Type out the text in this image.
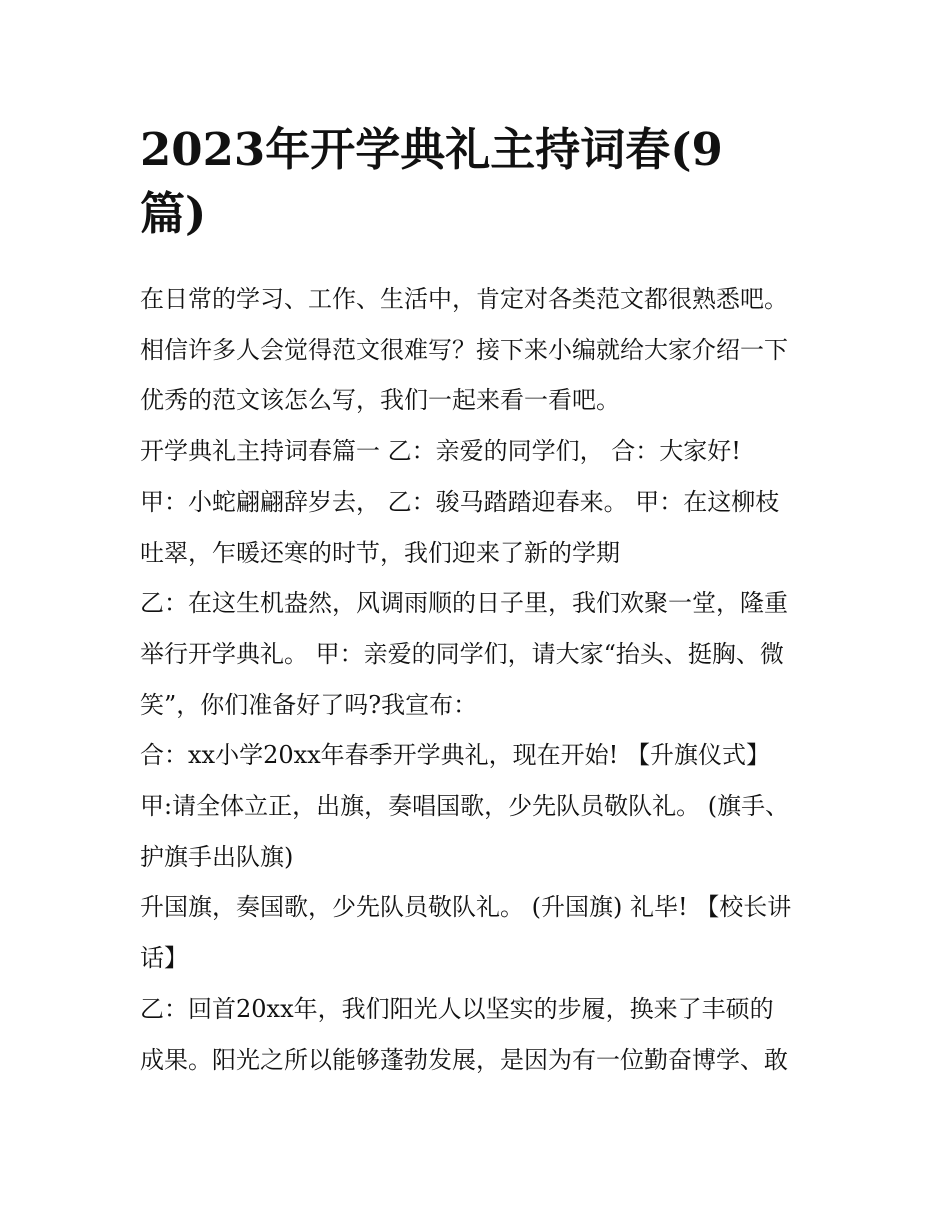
2023年开学典礼主持词春(9
篇)

在日常的学习、工作、生活中，肯定对各类范文都很熟悉吧。

相信许多人会觉得范文很难写？接下来小编就给大家介绍一下

优秀的范文该怎么写，我们一起来看一看吧。

开学典礼主持词春篇一 乙：亲爱的同学们， 合：大家好!

甲：小蛇翩翩辞岁去， 乙：骏马踏踏迎春来。 甲：在这柳枝

吐翠，乍暖还寒的时节，我们迎来了新的学期

乙：在这生机盎然，风调雨顺的日子里，我们欢聚一堂，隆重

举行开学典礼。 甲：亲爱的同学们，请大家“抬头、挺胸、微

笑”，你们准备好了吗?我宣布：

合：xx小学20xx年春季开学典礼，现在开始! 【升旗仪式】

甲:请全体立正，出旗，奏唱国歌，少先队员敬队礼。 (旗手、

护旗手出队旗)

升国旗，奏国歌，少先队员敬队礼。 (升国旗) 礼毕! 【校长讲

话】

乙：回首20xx年，我们阳光人以坚实的步履，换来了丰硕的

成果。阳光之所以能够蓬勃发展，是因为有一位勤奋博学、敢
